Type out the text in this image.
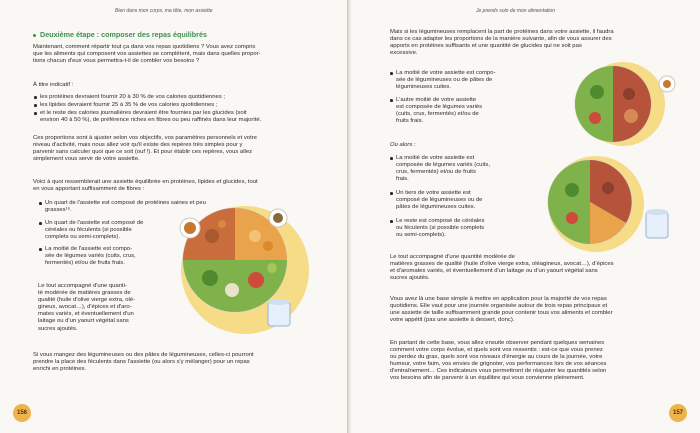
Bien dans mon corps, ma tête, mon assiette
Deuxième étape : composer des repas équilibrés
Maintenant, comment répartir tout ça dans vos repas quotidiens ? Vous avez compris
que les aliments qui composent vos assiettes se complètent, mais dans quelles propor-
tions chacun d'eux vous permettra-t-il de combler vos besoins ?
À titre indicatif :
les protéines devraient fournir 20 à 30 % de vos calories quotidiennes ;
les lipides devraient fournir 25 à 35 % de vos calories quotidiennes ;
et le reste des calories journalières devraient être fournies par les glucides (soit
environ 40 à 50 %), de préférence riches en fibres ou peu raffinés dans leur majorité.
Ces proportions sont à ajuster selon vos objectifs, vos paramètres personnels et votre
niveau d'activité, mais nous allez voir qu'il existe des repères très simples pour y
parvenir sans calculer quoi que ce soit (ouf !). Et pour établir ces repères, vous allez
simplement vous servir de votre assiette.
Voici à quoi ressemblerait une assiette équilibrée en protéines, lipides et glucides, tout
en vous apportant suffisamment de fibres :
Un quart de l'assiette est composé de protéines saines et peu
grasses¹⁶.
Un quart de l'assiette est composé de
céréales ou féculents (si possible
complets ou semi-complets).
La moitié de l'assiette est compo-
sée de légumes variés (cuits, crus,
fermentés) et/ou de fruits frais.
Le tout accompagné d'une quanti-
té modérée de matières grasses de
qualité (huile d'olive vierge extra, olé-
gineux, avocat…), d'épices et d'aro-
mates variés, et éventuellement d'un
laitage ou d'un yaourt végétal sans
sucres ajoutés.
Si vous mangez des légumineuses ou des pâtes de légumineuses, celles-ci pourront
prendre la place des féculents dans l'assiette (ou alors s'y mélanger) pour un repas
enrichi en protéines.
156
Je prends soin de mon alimentation
Mais si les légumineuses remplacent la part de protéines dans votre assiette, il faudra
dans ce cas adapter les proportions de la manière suivante, afin de vous assurer des
apports en protéines suffisants et une quantité de glucides qui ne soit pas
excessive.
La moitié de votre assiette est compo-
sée de légumineuses ou de pâtes de
légumineuses cuites.
L'autre moitié de votre assiette
est composée de légumes variés
(cuits, crus, fermentés) et/ou de
fruits frais.
Ou alors :
La moitié de votre assiette est
composée de légumes variés (cuits,
crus, fermentés) et/ou de fruits
frais.
Un tiers de votre assiette est
composé de légumineuses ou de
pâtes de légumineuses cuites.
Le reste est composé de céréales
ou féculents (si possible complets
ou semi-complets).
Le tout accompagné d'une quantité modérée de
matières grasses de qualité (huile d'olive vierge extra, oléagineux, avocat…), d'épices
et d'aromates variés, et éventuellement d'un laitage ou d'un yaourt végétal sans
sucres ajoutés.
Vous avez là une base simple à mettre en application pour la majorité de vos repas
quotidiens. Elle vaut pour une journée organisée autour de trois repas principaux et
une assiette de taille suffisamment grande pour contenir tous vos aliments et combler
votre appétit (pas une assiette à dessert, donc).
En partant de cette base, vous allez ensuite observer pendant quelques semaines
comment votre corps évolue, et quels sont vos ressentis : est-ce que vous prenez
ou perdez du gras, quels sont vos niveaux d'énergie au cours de la journée, votre
humeur, votre faim, vos envies de grignoter, vos performances lors de vos séances
d'entraînement… Ces indicateurs vous permettront de réajuster les quantités selon
vos besoins afin de parvenir à un équilibre qui vous convienne pleinement.
157
